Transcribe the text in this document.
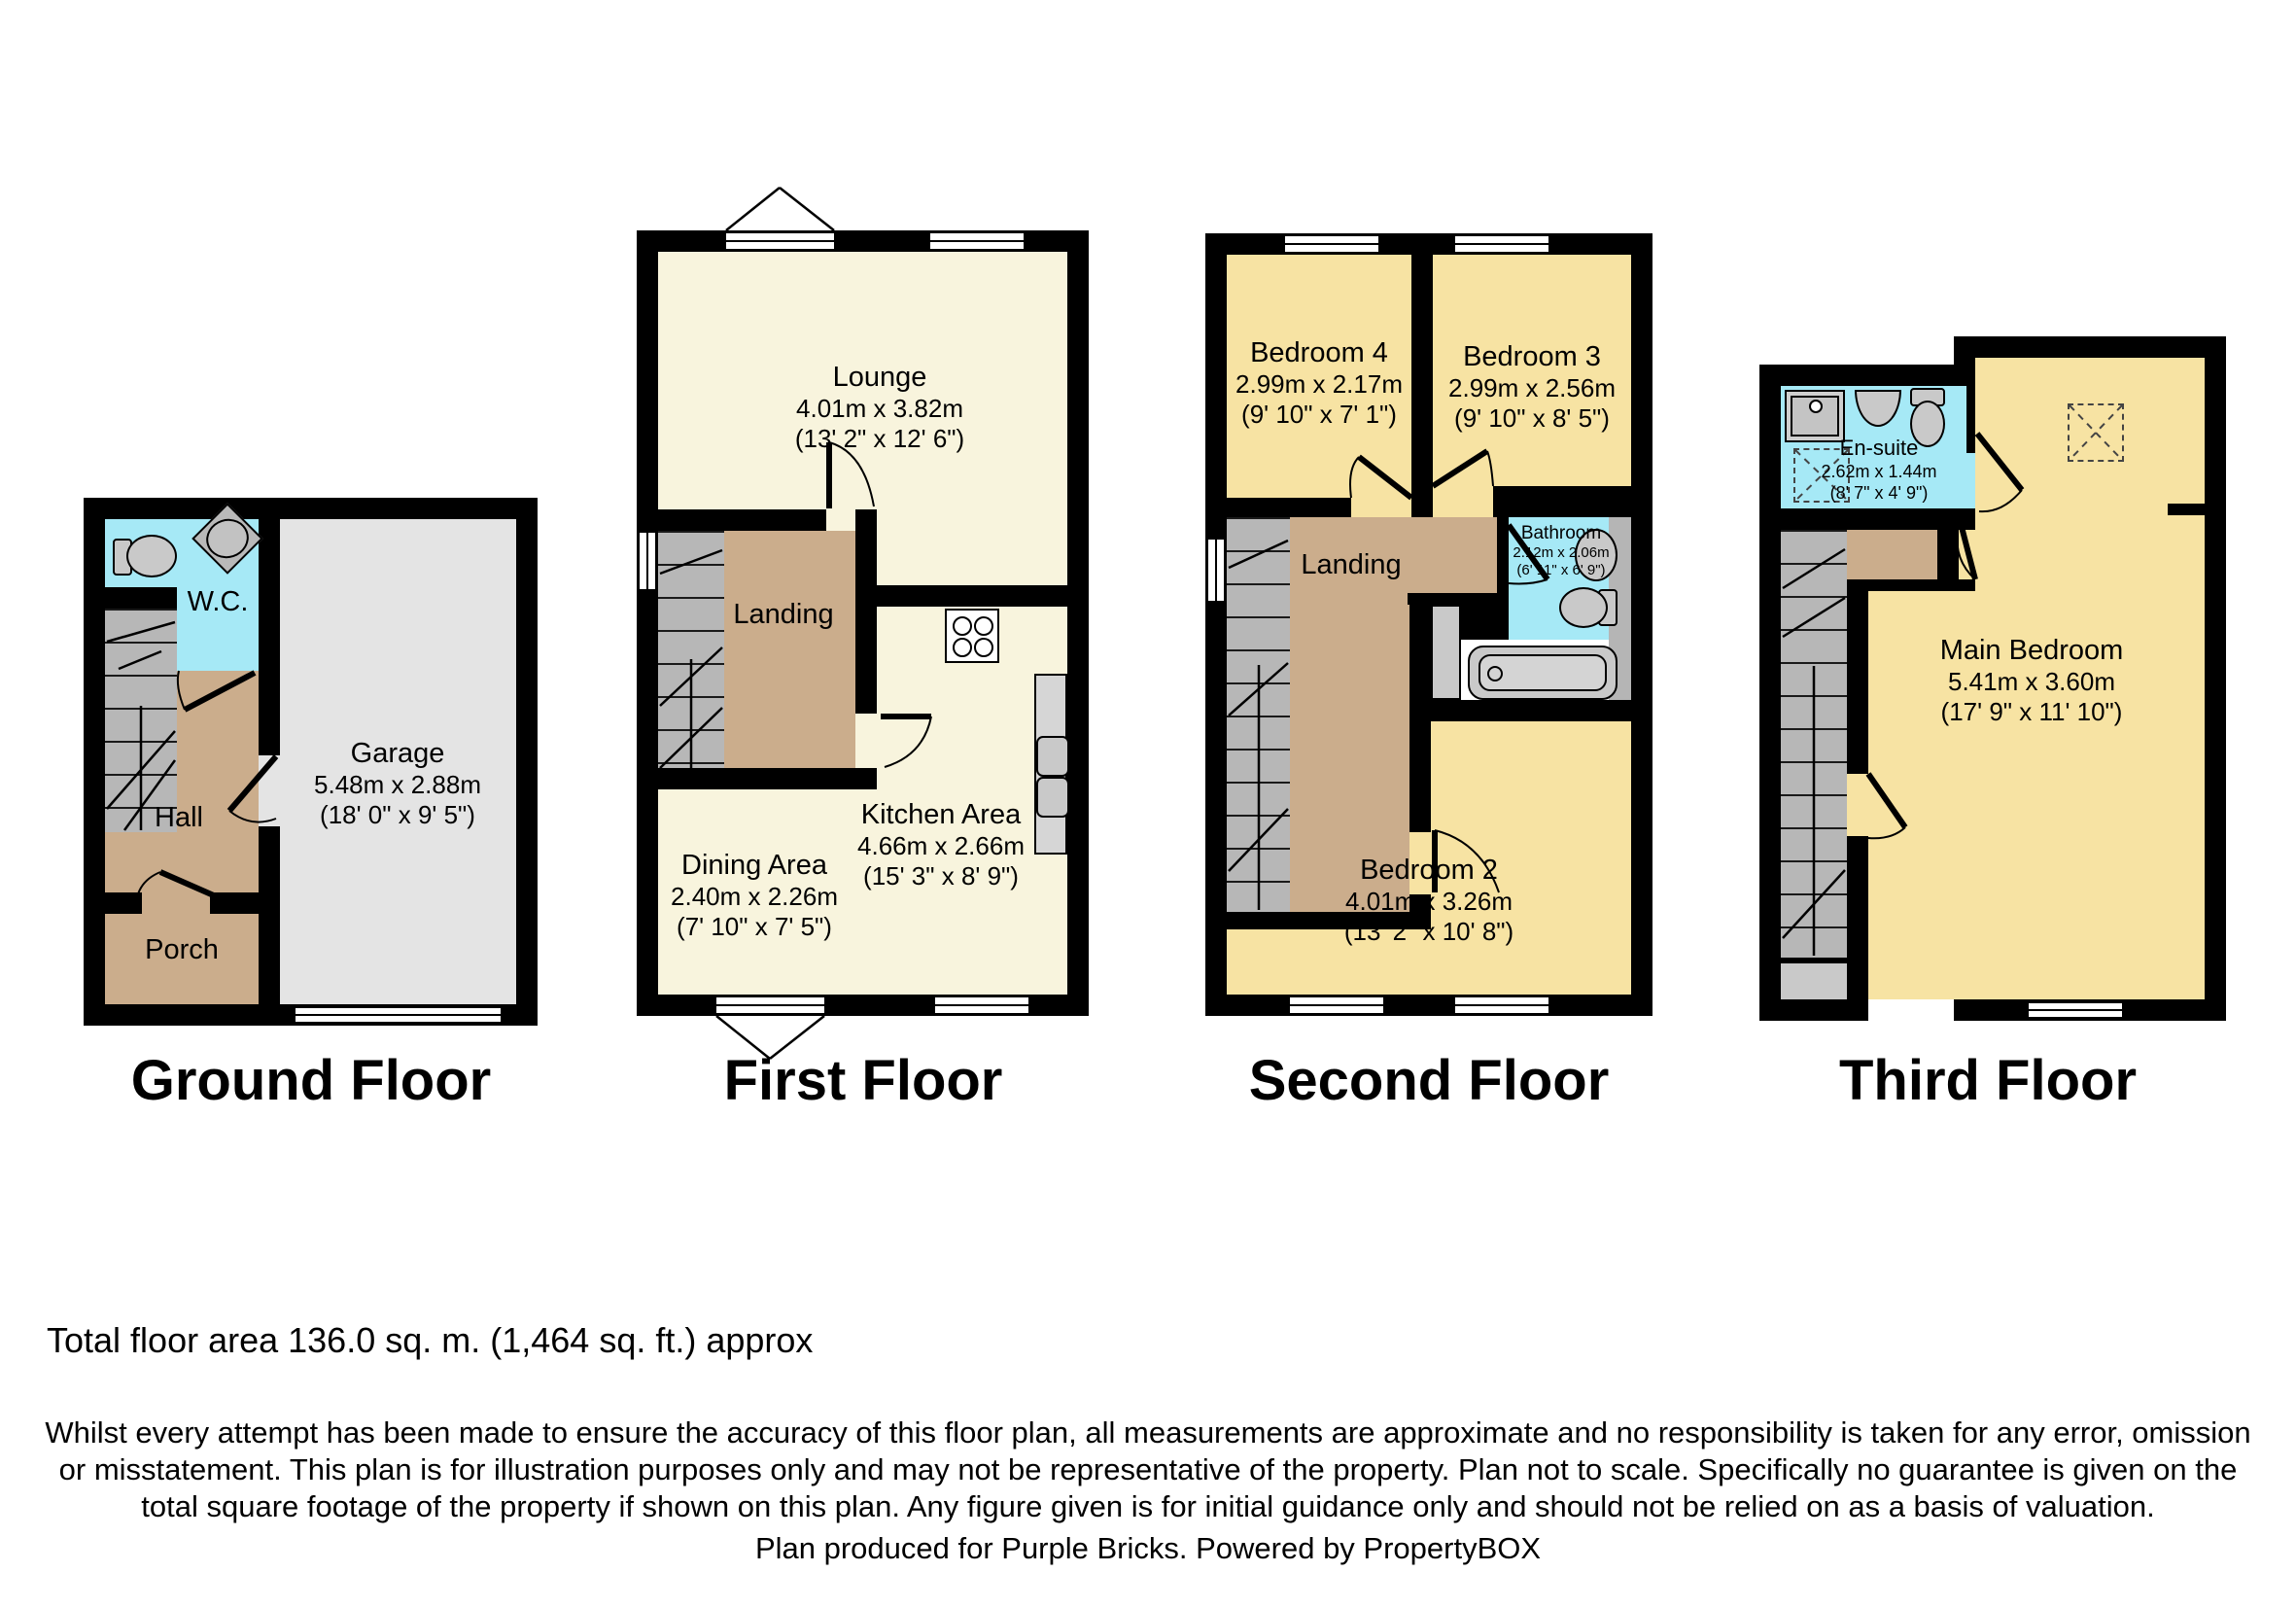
W.C.
Hall
Porch
Garage
5.48m x 2.88m
(18' 0" x 9' 5")
Lounge
4.01m x 3.82m
(13' 2" x 12' 6")
Landing
Kitchen Area
4.66m x 2.66m
(15' 3" x 8' 9")
Dining Area
2.40m x 2.26m
(7' 10" x 7' 5")
Bedroom 4
2.99m x 2.17m
(9' 10" x 7' 1")
Bedroom 3
2.99m x 2.56m
(9' 10" x 8' 5")
Landing
Bathroom
2.12m x 2.06m
(6' 11" x 6' 9")
Bedroom 2
4.01m x 3.26m
(13' 2" x 10' 8")
En-suite
2.62m x 1.44m
(8' 7" x 4' 9")
Main Bedroom
5.41m x 3.60m
(17' 9" x 11' 10")
Ground Floor	First Floor	Second Floor	Third Floor
Total floor area 136.0 sq. m. (1,464 sq. ft.) approx
Whilst every attempt has been made to ensure the accuracy of this floor plan, all measurements are approximate and no responsibility is taken for any error, omission or misstatement. This plan is for illustration purposes only and may not be representative of the property. Plan not to scale. Specifically no guarantee is given on the total square footage of the property if shown on this plan. Any figure given is for initial guidance only and should not be relied on as a basis of valuation.
Plan produced for Purple Bricks. Powered by PropertyBOX
